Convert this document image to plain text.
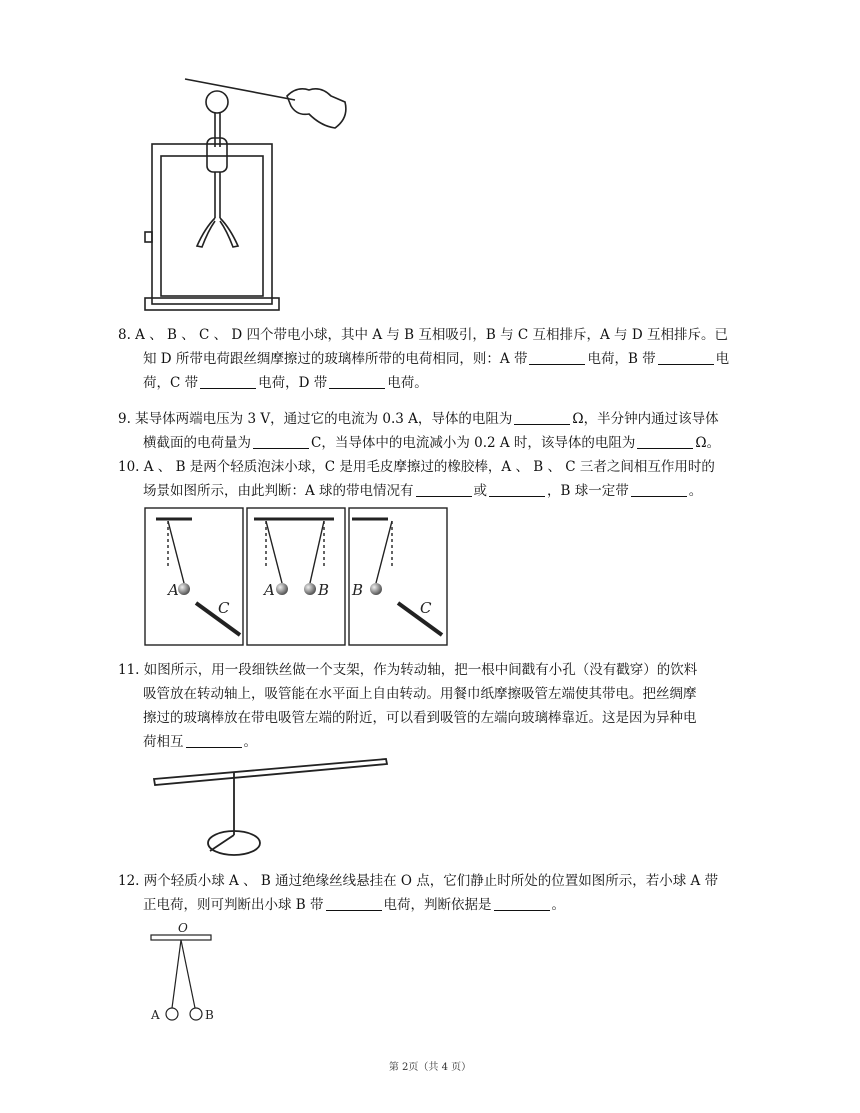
8. A 、 B 、 C 、 D 四个带电小球，其中 A 与 B 互相吸引，B 与 C 互相排斥，A 与 D 互相排斥。已
知 D 所带电荷跟丝绸摩擦过的玻璃棒所带的电荷相同，则：A 带	电荷，B 带	电
荷，C 带	电荷，D 带	电荷。
9. 某导体两端电压为 3 V，通过它的电流为 0.3 A，导体的电阻为	Ω，半分钟内通过该导体
横截面的电荷量为	C，当导体中的电流减小为 0.2 A 时，该导体的电阻为	Ω。
10. A 、 B 是两个轻质泡沫小球，C 是用毛皮摩擦过的橡胶棒，A 、 B 、 C 三者之间相互作用时的
场景如图所示，由此判断：A 球的带电情况有	或	，B 球一定带	。
A
C
A	B B
C
11. 如图所示，用一段细铁丝做一个支架，作为转动轴，把一根中间戳有小孔（没有戳穿）的饮料
吸管放在转动轴上，吸管能在水平面上自由转动。用餐巾纸摩擦吸管左端使其带电。把丝绸摩
擦过的玻璃棒放在带电吸管左端的附近，可以看到吸管的左端向玻璃棒靠近。这是因为异种电
荷相互	。
12. 两个轻质小球 A 、 B 通过绝缘丝线悬挂在 O 点，它们静止时所处的位置如图所示，若小球 A 带
正电荷，则可判断出小球 B 带	电荷，判断依据是	。
O
A	B
第 2页（共 4 页）
